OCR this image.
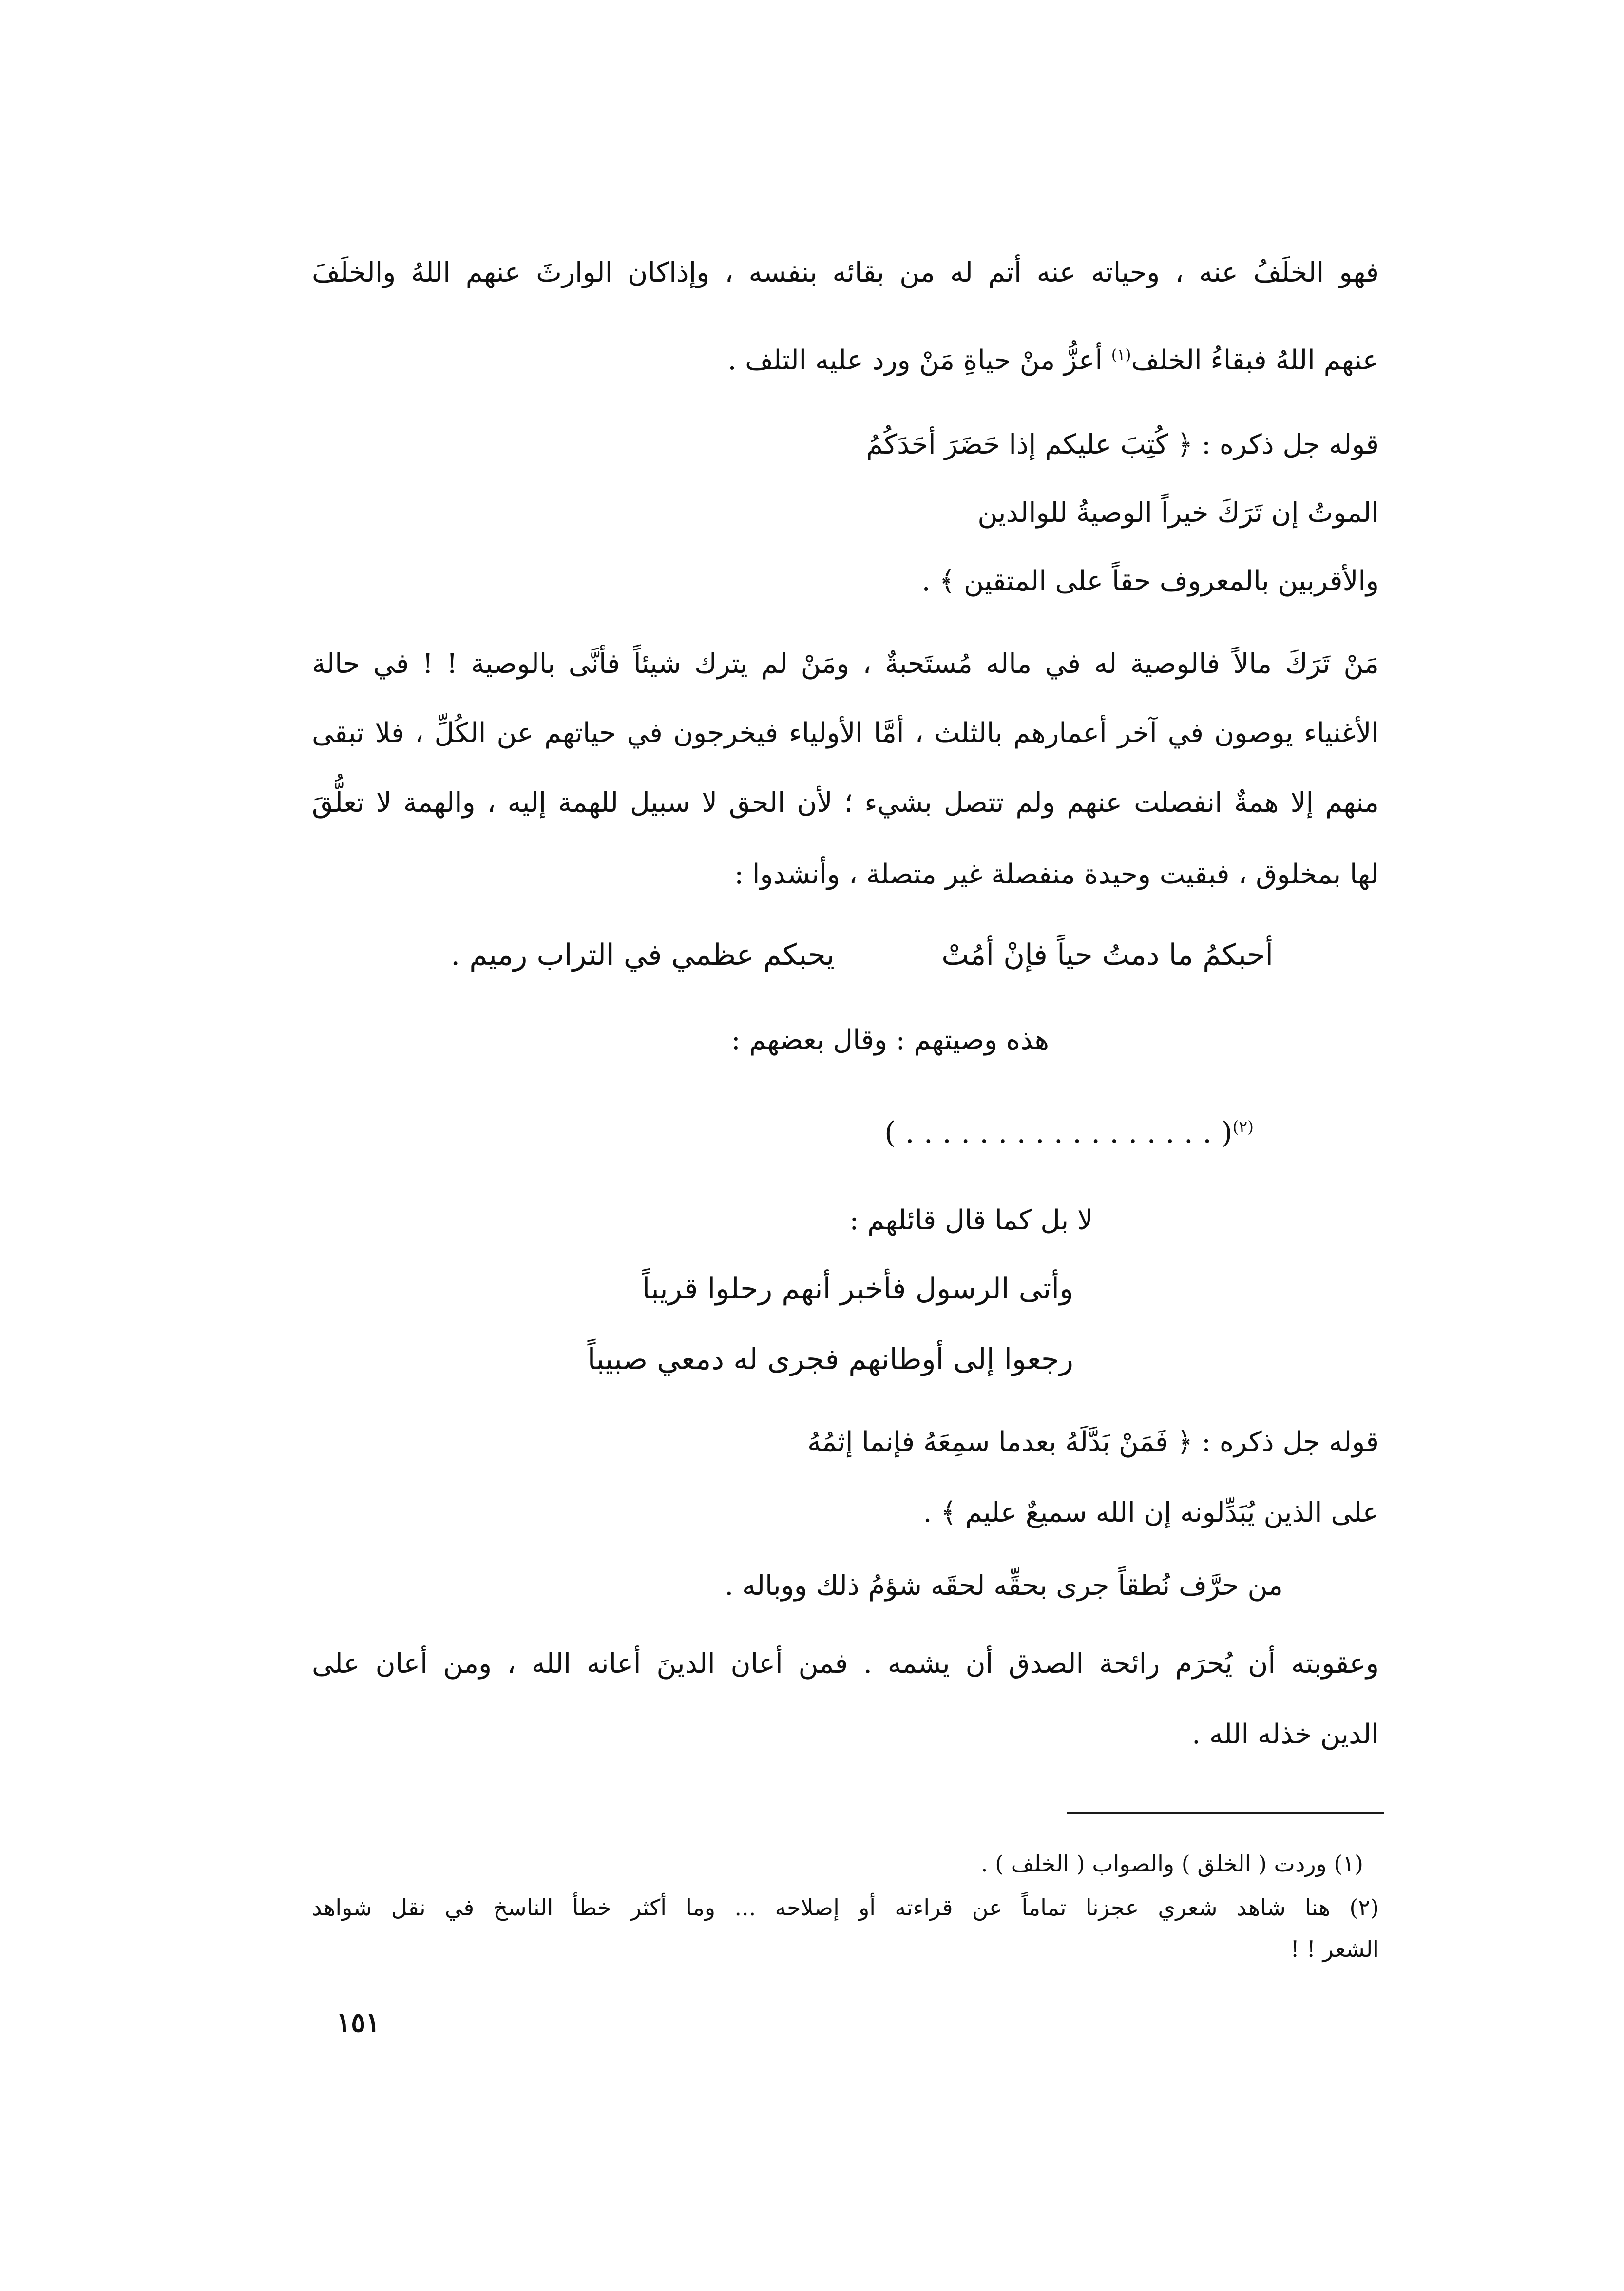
فهو الخلَفُ عنه ، وحياته عنه أتم له من بقائه بنفسه ، وإذاكان الوارثَ عنهم اللهُ والخلَفَ
عنهم اللهُ فبقاءُ الخلف$^{(١)}$ أعزُّ منْ حياةِ مَنْ ورد عليه التلف .
قوله جل ذكره : ﴿ كُتِبَ عليكم إذا حَضَرَ أحَدَكُمُ
الموتُ إن تَرَكَ خيراً الوصيةُ للوالدين
والأقربين بالمعروف حقاً على المتقين ﴾ .
مَنْ تَرَكَ مالاً فالوصية له في ماله مُستَحبةٌ ، ومَنْ لم يترك شيئاً فأنَّى بالوصية ! ! في حالة
الأغنياء يوصون في آخر أعمارهم بالثلث ، أمَّا الأولياء فيخرجون في حياتهم عن الكُلِّ ، فلا تبقى
منهم إلا همةٌ انفصلت عنهم ولم تتصل بشيء ؛ لأن الحق لا سبيل للهمة إليه ، والهمة لا تعلُّقَ
لها بمخلوق ، فبقيت وحيدة منفصلة غير متصلة ، وأنشدوا :
أحبكمُ ما دمتُ حياً فإنْ أمُتْ
يحبكم عظمي في التراب رميم .
هذه وصيتهم : وقال بعضهم :
( . . . . . . . . . . . . . . . . . )$^{(٢)}$
لا بل كما قال قائلهم :
وأتى الرسول فأخبر أنهم رحلوا قريباً
رجعوا إلى أوطانهم فجرى له دمعي صبيباً
قوله جل ذكره : ﴿ فَمَنْ بَدَّلَهُ بعدما سمِعَهُ فإنما إثمُهُ
على الذين يُبَدِّلونه إن الله سميعٌ عليم ﴾ .
من حرَّف نُطقاً جرى بحقِّه لحقَه شؤمُ ذلك ووباله .
وعقوبته أن يُحرَم رائحة الصدق أن يشمه . فمن أعان الدينَ أعانه الله ، ومن أعان على
الدين خذله الله .
(١) وردت ( الخلق ) والصواب ( الخلف ) .
(٢) هنا شاهد شعري عجزنا تماماً عن قراءته أو إصلاحه ... وما أكثر خطأ الناسخ في نقل شواهد
الشعر ! !
١٥١
